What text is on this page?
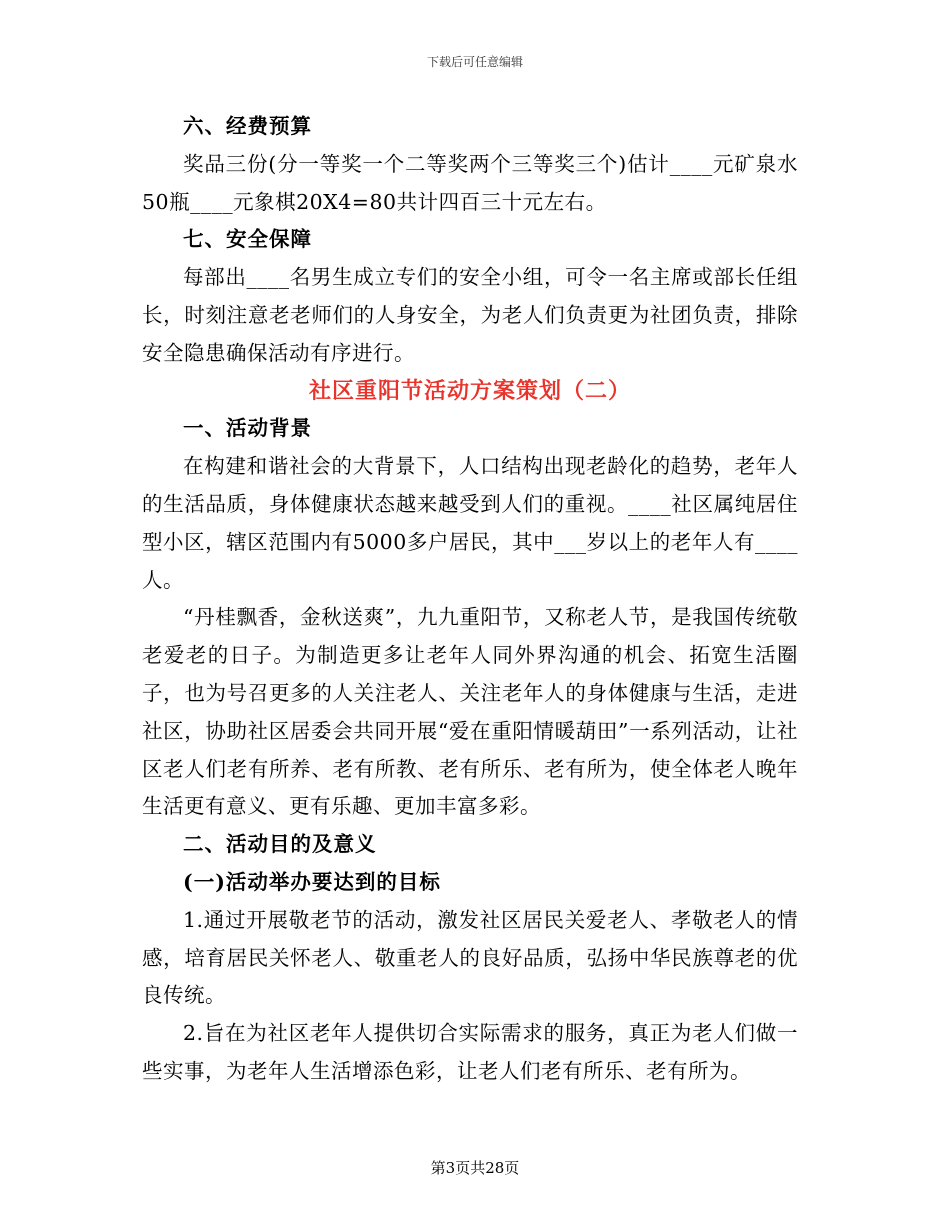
下载后可任意编辑

六、经费预算

奖品三份(分一等奖一个二等奖两个三等奖三个)估计____元矿泉水50瓶____元象棋20X4=80共计四百三十元左右。

七、安全保障

每部出____名男生成立专们的安全小组，可令一名主席或部长任组长，时刻注意老老师们的人身安全，为老人们负责更为社团负责，排除安全隐患确保活动有序进行。

社区重阳节活动方案策划（二）

一、活动背景

在构建和谐社会的大背景下，人口结构出现老龄化的趋势，老年人的生活品质，身体健康状态越来越受到人们的重视。____社区属纯居住型小区，辖区范围内有5000多户居民，其中___岁以上的老年人有____人。

“丹桂飘香，金秋送爽”，九九重阳节，又称老人节，是我国传统敬老爱老的日子。为制造更多让老年人同外界沟通的机会、拓宽生活圈子，也为号召更多的人关注老人、关注老年人的身体健康与生活，走进社区，协助社区居委会共同开展“爱在重阳情暖葫田”一系列活动，让社区老人们老有所养、老有所教、老有所乐、老有所为，使全体老人晚年生活更有意义、更有乐趣、更加丰富多彩。

二、活动目的及意义

(一)活动举办要达到的目标

1.通过开展敬老节的活动，激发社区居民关爱老人、孝敬老人的情感，培育居民关怀老人、敬重老人的良好品质，弘扬中华民族尊老的优良传统。

2.旨在为社区老年人提供切合实际需求的服务，真正为老人们做一些实事，为老年人生活增添色彩，让老人们老有所乐、老有所为。

第3页共28页
